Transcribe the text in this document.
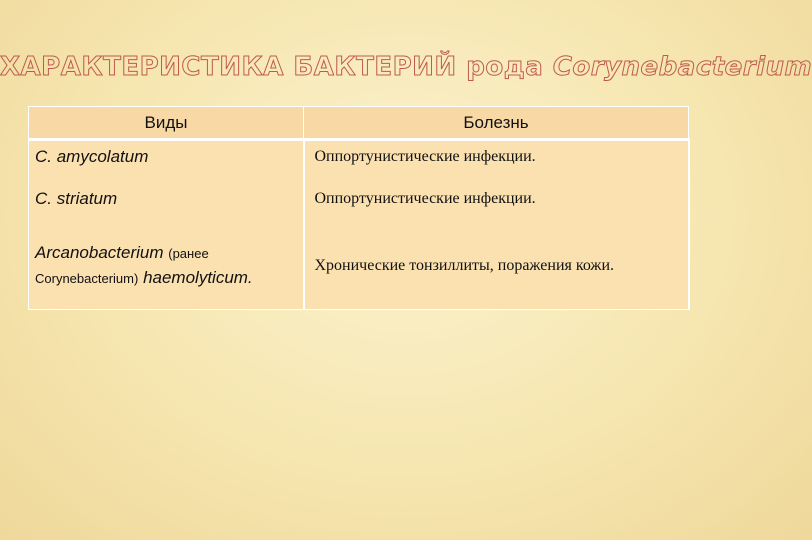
ХАРАКТЕРИСТИКА БАКТЕРИЙ рода Corynebacterium
Виды	Болезнь
C. amycolatum	Оппортунистические инфекции.
C. striatum	Оппортунистические инфекции.
Arcanobacterium (ранее
Corynebacterium) haemolyticum.	Хронические тонзиллиты, поражения кожи.
